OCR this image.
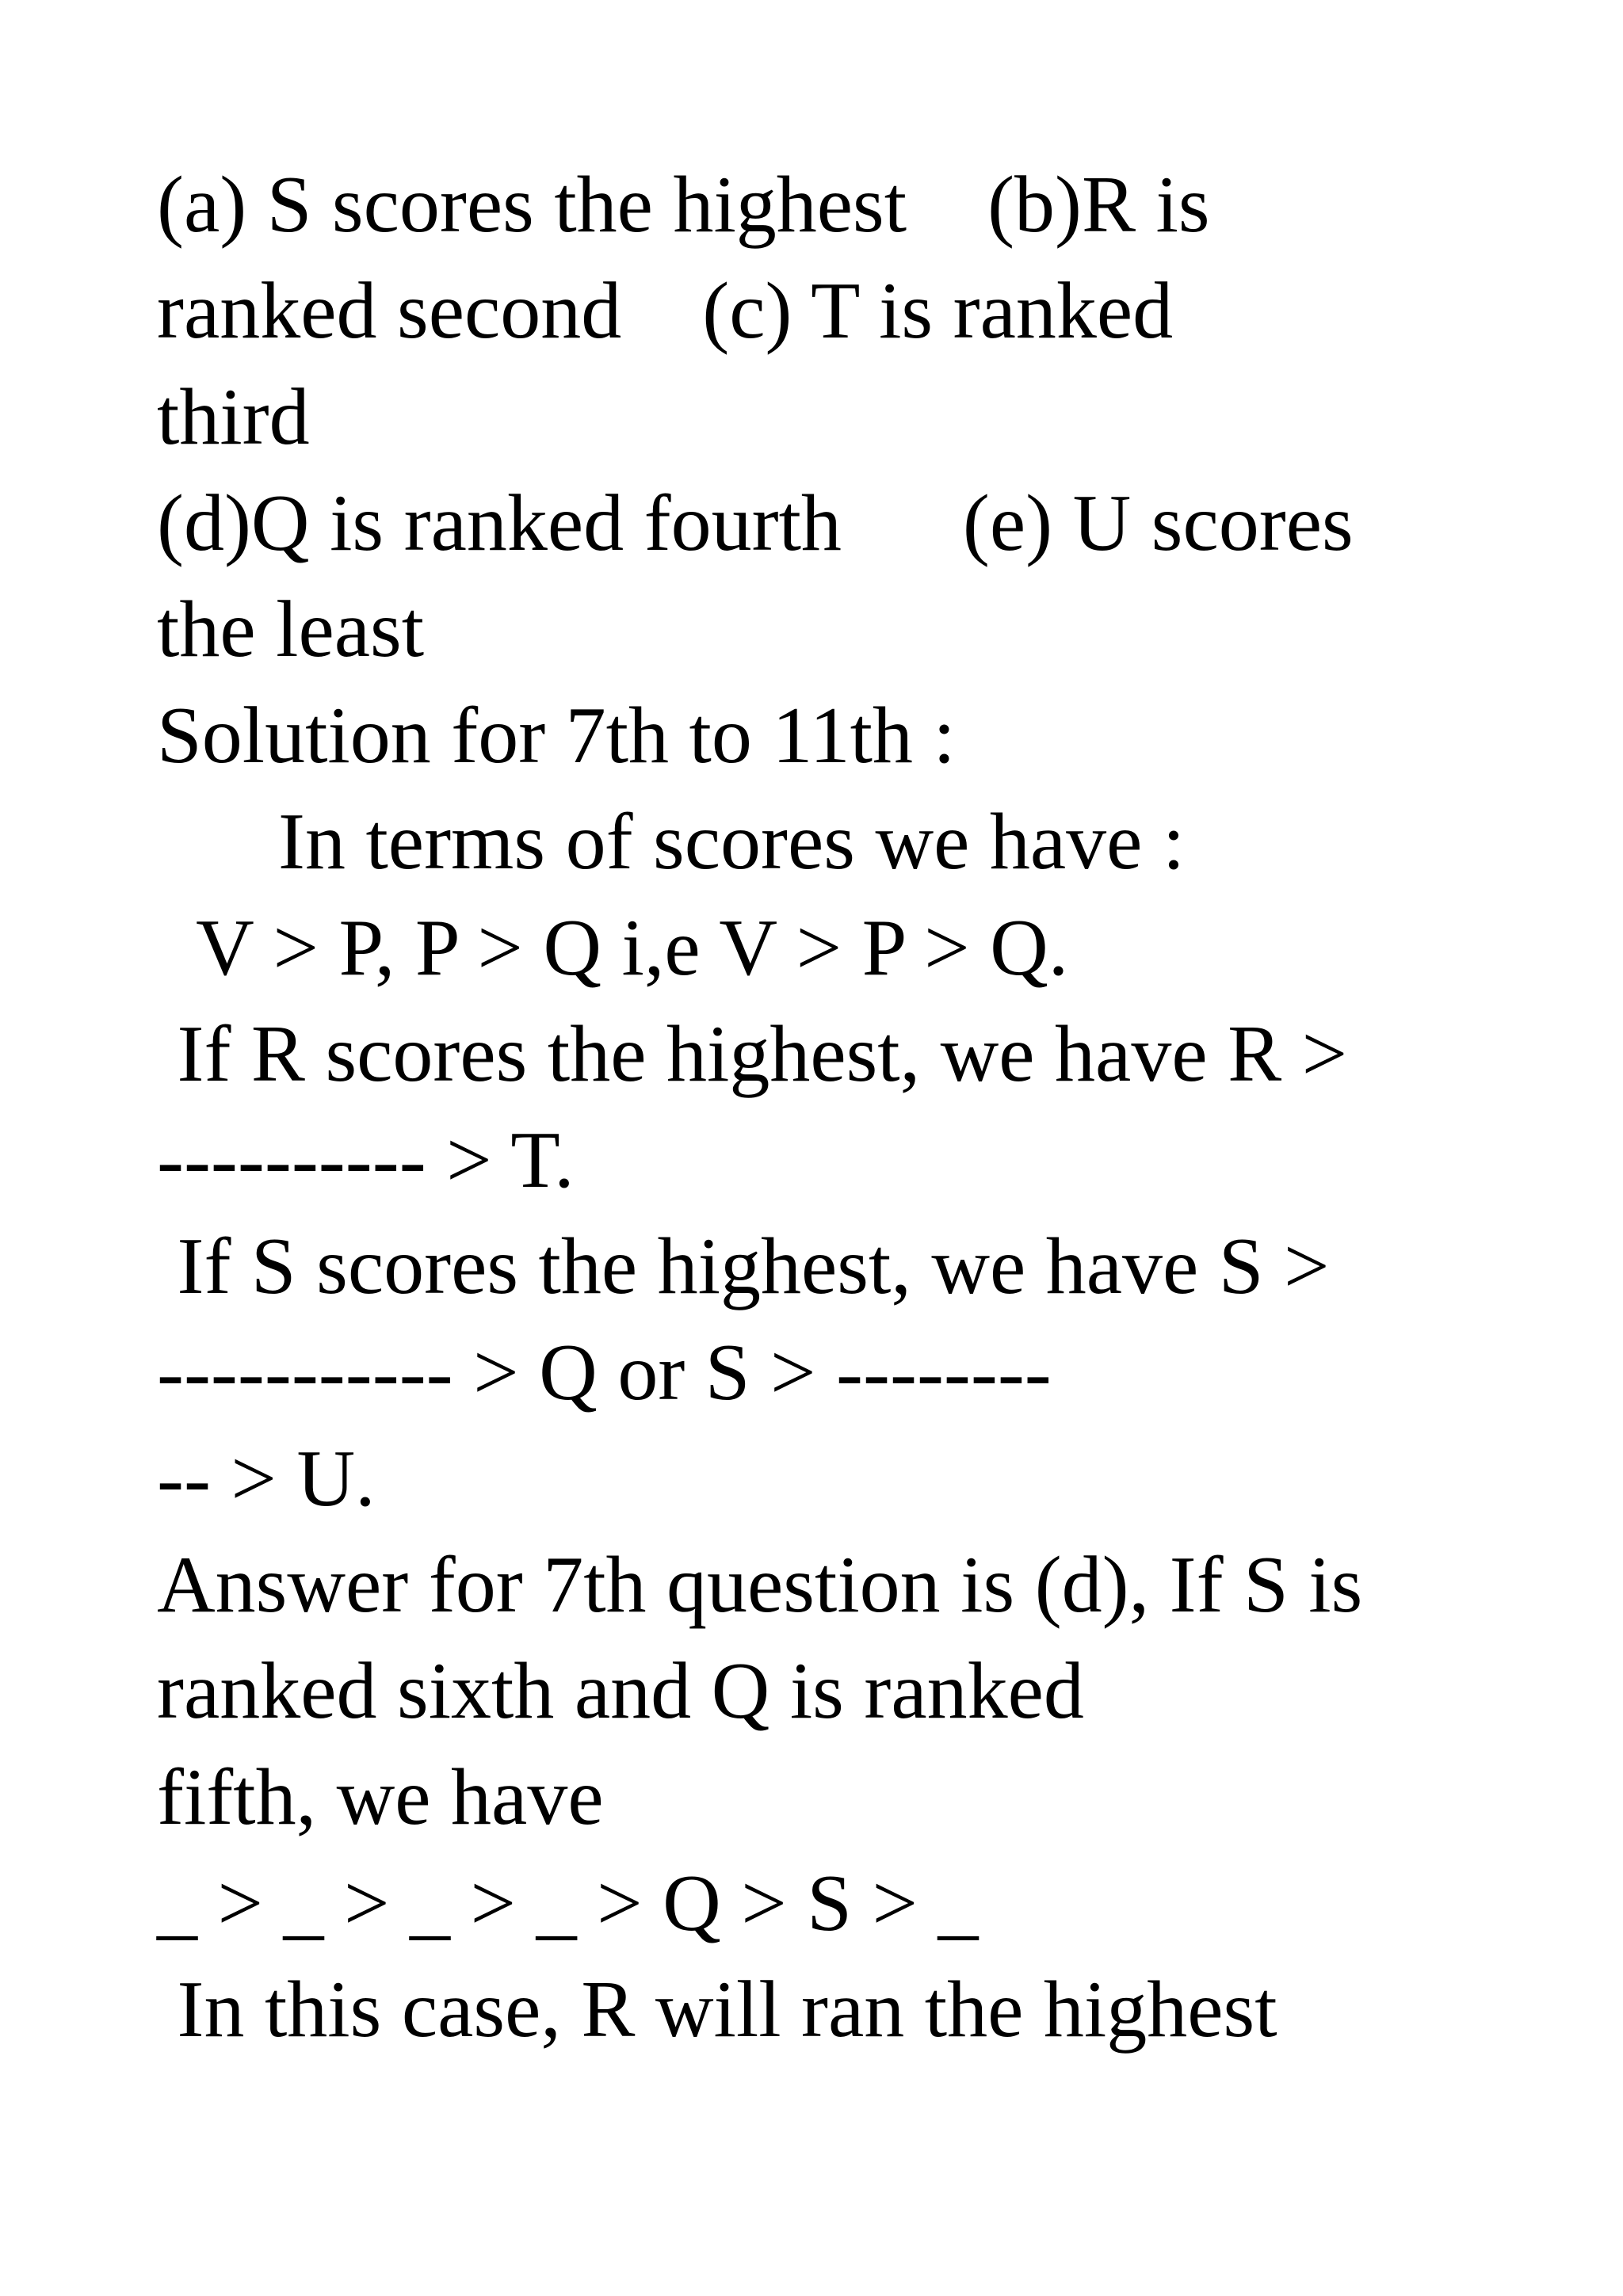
(a) S scores the highest    (b)R is
ranked second    (c) T is ranked
third
(d)Q is ranked fourth      (e) U scores
the least
Solution for 7th to 11th :
In terms of scores we have :
V > P, P > Q i,e V > P > Q.
If R scores the highest, we have R >
---------- > T.
If S scores the highest, we have S >
----------- > Q or S > --------
-- > U.
Answer for 7th question is (d), If S is
ranked sixth and Q is ranked
fifth, we have
_ > _ > _ > _ > Q > S > _
In this case, R will ran the highest
